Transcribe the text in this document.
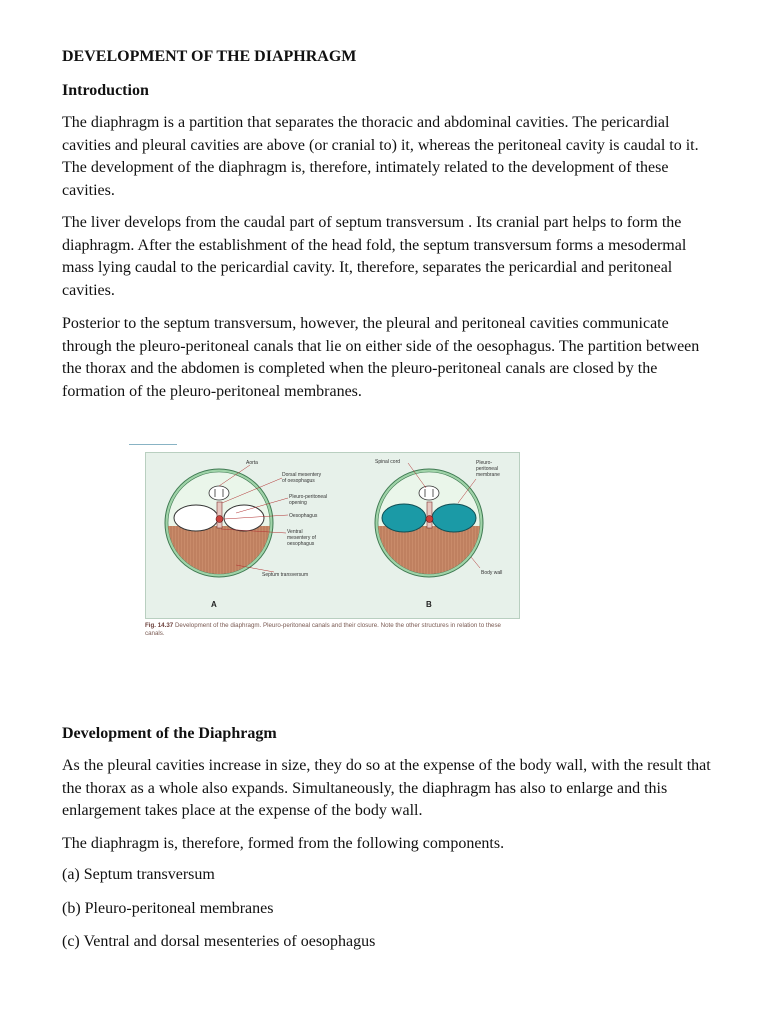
DEVELOPMENT OF THE DIAPHRAGM
Introduction

The diaphragm is a partition that separates the thoracic and abdominal cavities. The pericardial cavities and pleural cavities are above (or cranial to) it, whereas the peritoneal cavity is caudal to it. The development of the diaphragm is, therefore, intimately related to the development of these cavities.

The liver develops from the caudal part of septum transversum . Its cranial part helps to form the diaphragm. After the establishment of the head fold, the septum transversum forms a mesodermal mass lying caudal to the pericardial cavity. It, therefore, separates the pericardial and peritoneal cavities.

Posterior to the septum transversum, however, the pleural and peritoneal cavities communicate through the pleuro-peritoneal canals that lie on either side of the oesophagus. The partition between the thorax and the abdomen is completed when the pleuro-peritoneal canals are closed by the formation of the pleuro-peritoneal membranes.

Development of the Diaphragm

As the pleural cavities increase in size, they do so at the expense of the body wall, with the result that the thorax as a whole also expands. Simultaneously, the diaphragm has also to enlarge and this enlargement takes place at the expense of the body wall.

The diaphragm is, therefore, formed from the following components.

(a) Septum transversum

(b) Pleuro-peritoneal membranes

(c) Ventral and dorsal mesenteries of oesophagus

Aorta
Dorsal mesentery
of oesophagus
Pleuro-peritoneal
opening
Oesophagus
Ventral
mesentery of
oesophagus
Septum transversum
A
Spinal cord	Pleuro-
peritoneal
membrane
Body wall
B
Fig. 14.37 Development of the diaphragm. Pleuro-peritoneal canals and their closure. Note the other structures in relation to these canals.
